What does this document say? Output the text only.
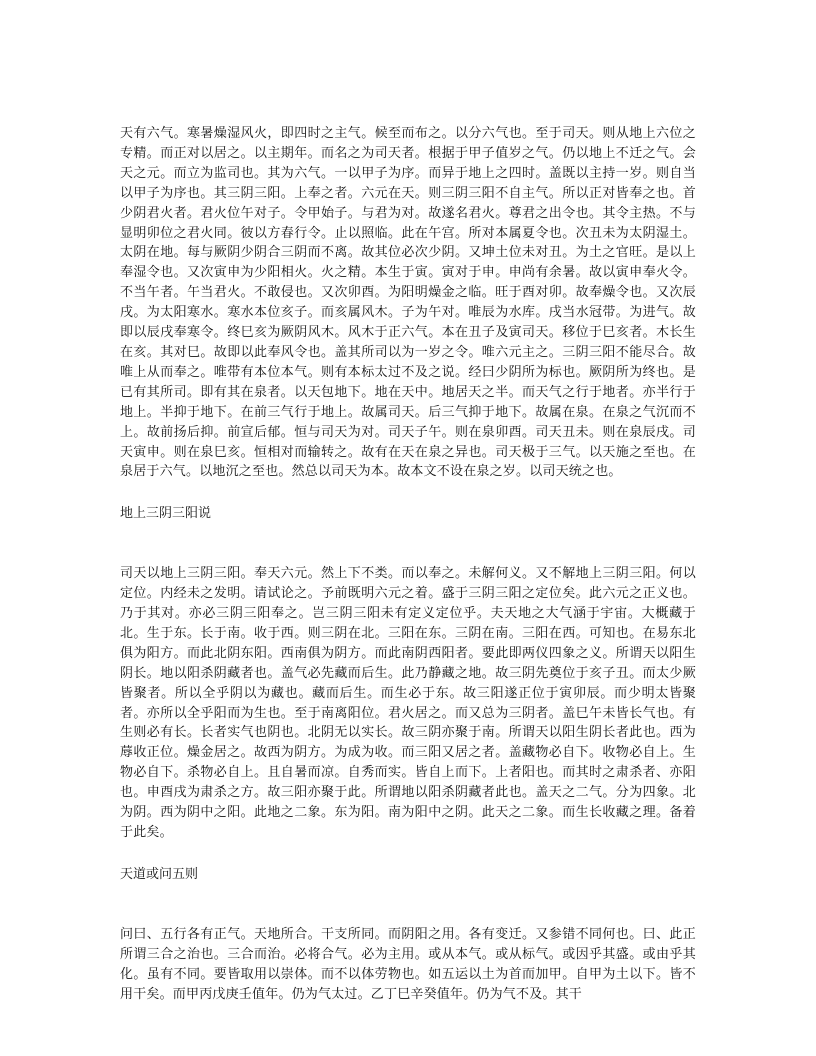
天有六气。寒暑燥湿风火，即四时之主气。候至而布之。以分六气也。至于司天。则从地上六位之专精。而正对以居之。以主期年。而名之为司天者。根据于甲子值岁之气。仍以地上不迁之气。会天之元。而立为监司也。其为六气。一以甲子为序。而异于地上之四时。盖既以主持一岁。则自当以甲子为序也。其三阴三阳。上奉之者。六元在天。则三阴三阳不自主气。所以正对皆奉之也。首少阴君火者。君火位午对子。令甲始子。与君为对。故遂名君火。尊君之出令也。其令主热。不与显明卯位之君火同。彼以方春行令。止以照临。此在午宫。所对本属夏令也。次丑未为太阴湿土。太阴在地。每与厥阴少阴合三阴而不离。故其位必次少阴。又坤土位未对丑。为土之官旺。是以上奉湿令也。又次寅申为少阳相火。火之精。本生于寅。寅对于申。申尚有余暑。故以寅申奉火令。不当午者。午当君火。不敢侵也。又次卯酉。为阳明燥金之临。旺于酉对卯。故奉燥令也。又次辰戌。为太阳寒水。寒水本位亥子。而亥属风木。子为午对。唯辰为水库。戌当水冠带。为进气。故即以辰戌奉寒令。终巳亥为厥阴风木。风木于正六气。本在丑子及寅司天。移位于巳亥者。木长生在亥。其对巳。故即以此奉风令也。盖其所司以为一岁之令。唯六元主之。三阴三阳不能尽合。故唯上从而奉之。唯带有本位本气。则有本标太过不及之说。经曰少阴所为标也。厥阴所为终也。是已有其所司。即有其在泉者。以天包地下。地在天中。地居天之半。而天气之行于地者。亦半行于地上。半抑于地下。在前三气行于地上。故属司天。后三气抑于地下。故属在泉。在泉之气沉而不上。故前扬后抑。前宣后郁。恒与司天为对。司天子午。则在泉卯酉。司天丑未。则在泉辰戌。司天寅申。则在泉巳亥。恒相对而输转之。故有在天在泉之异也。司天极于三气。以天施之至也。在泉居于六气。以地沉之至也。然总以司天为本。故本文不设在泉之岁。以司天统之也。

地上三阴三阳说

司天以地上三阴三阳。奉天六元。然上下不类。而以奉之。未解何义。又不解地上三阴三阳。何以定位。内经未之发明。请试论之。予前既明六元之着。盛于三阴三阳之定位矣。此六元之正义也。乃于其对。亦必三阴三阳奉之。岂三阴三阳未有定义定位乎。夫天地之大气涵于宇宙。大概藏于北。生于东。长于南。收于西。则三阴在北。三阳在东。三阴在南。三阳在西。可知也。在易东北俱为阳方。而此北阴东阳。西南俱为阴方。而此南阴西阳者。要此即两仪四象之义。所谓天以阳生阴长。地以阳杀阴藏者也。盖气必先藏而后生。此乃静藏之地。故三阴先奠位于亥子丑。而太少厥皆聚者。所以全乎阴以为藏也。藏而后生。而生必于东。故三阳遂正位于寅卯辰。而少明太皆聚者。亦所以全乎阳而为生也。至于南离阳位。君火居之。而又总为三阴者。盖巳午未皆长气也。有生则必有长。长者实气也阴也。北阴无以实长。故三阴亦聚于南。所谓天以阳生阴长者此也。西为蓐收正位。燥金居之。故西为阴方。为成为收。而三阳又居之者。盖藏物必自下。收物必自上。生物必自下。杀物必自上。且自暑而凉。自秀而实。皆自上而下。上者阳也。而其时之肃杀者、亦阳也。申酉戌为肃杀之方。故三阳亦聚于此。所谓地以阳杀阴藏者此也。盖天之二气。分为四象。北为阴。西为阴中之阳。此地之二象。东为阳。南为阳中之阴。此天之二象。而生长收藏之理。备着于此矣。

天道或问五则

问曰、五行各有正气。天地所合。干支所同。而阴阳之用。各有变迁。又参错不同何也。曰、此正所谓三合之治也。三合而治。必将合气。必为主用。或从本气。或从标气。或因乎其盛。或由乎其化。虽有不同。要皆取用以崇体。而不以体劳物也。如五运以土为首而加甲。自甲为土以下。皆不用干矣。而甲丙戊庚壬值年。仍为气太过。乙丁巳辛癸值年。仍为气不及。其干
